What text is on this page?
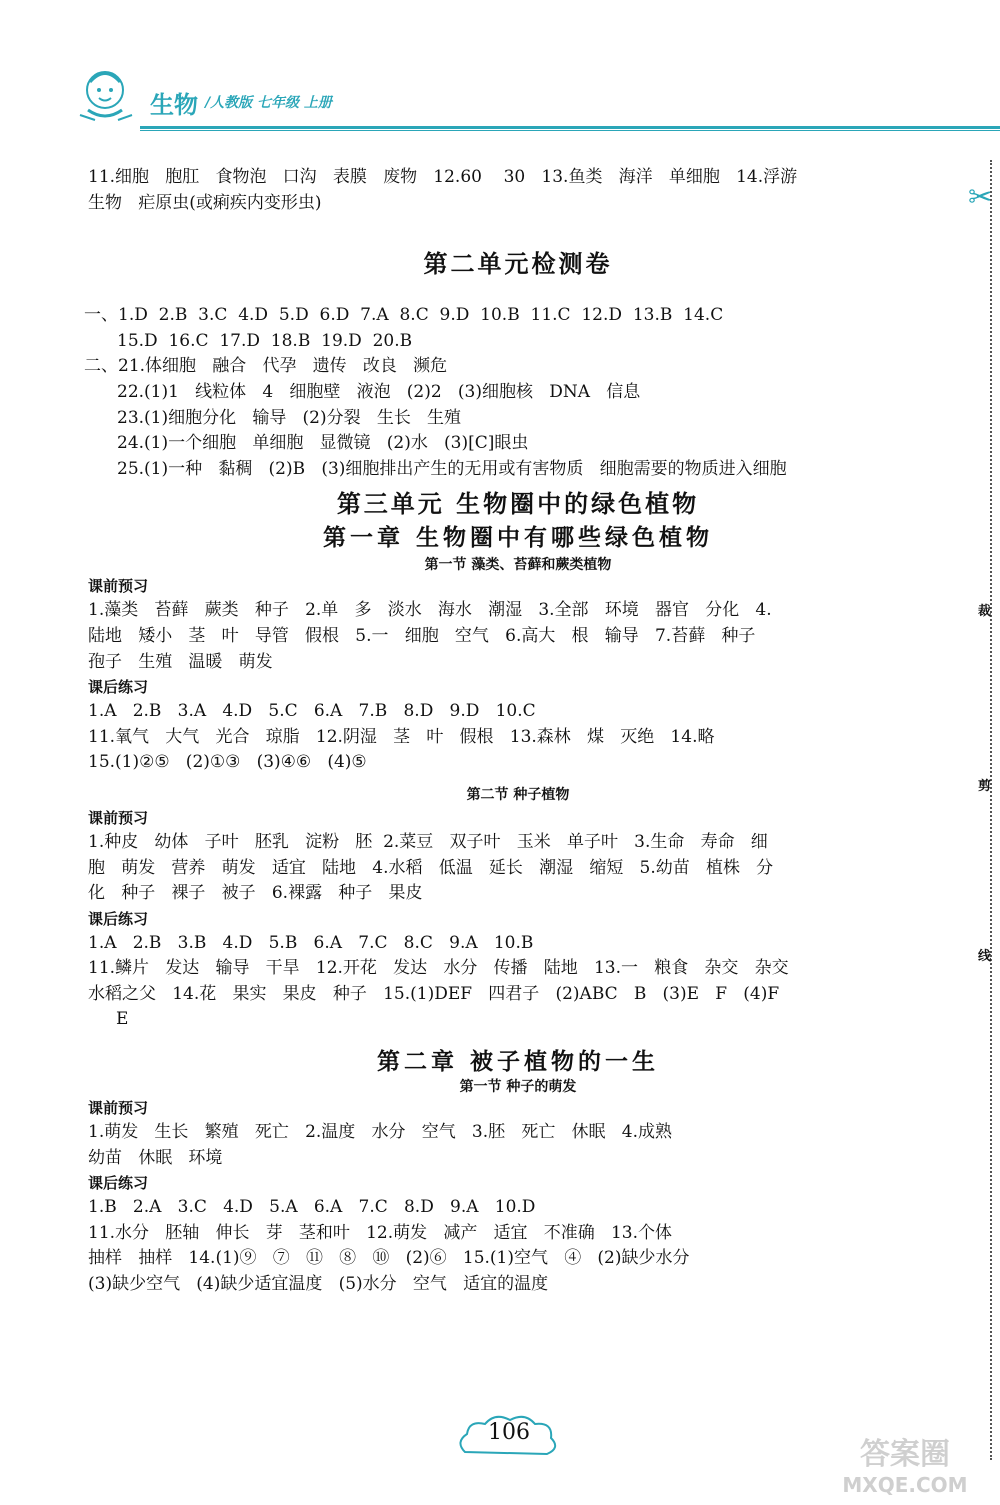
生物 /人教版 七年级 上册
11.细胞   胞肛   食物泡   口沟   表膜   废物   12.60    30   13.鱼类   海洋   单细胞   14.浮游
生物   疟原虫(或痢疾内变形虫)
第二单元检测卷
一、1.D  2.B  3.C  4.D  5.D  6.D  7.A  8.C  9.D  10.B  11.C  12.D  13.B  14.C
15.D  16.C  17.D  18.B  19.D  20.B
二、21.体细胞   融合   代孕   遗传   改良   濒危
22.(1)1   线粒体   4   细胞壁   液泡   (2)2   (3)细胞核   DNA   信息
23.(1)细胞分化   输导   (2)分裂   生长   生殖
24.(1)一个细胞   单细胞   显微镜   (2)水   (3)[C]眼虫
25.(1)一种   黏稠   (2)B   (3)细胞排出产生的无用或有害物质   细胞需要的物质进入细胞
第三单元 生物圈中的绿色植物
第一章 生物圈中有哪些绿色植物
第一节 藻类、苔藓和蕨类植物
课前预习
1.藻类   苔藓   蕨类   种子   2.单   多   淡水   海水   潮湿   3.全部   环境   器官   分化   4.
陆地   矮小   茎   叶   导管   假根   5.一   细胞   空气   6.高大   根   输导   7.苔藓   种子
孢子   生殖   温暖   萌发
课后练习
1.A   2.B   3.A   4.D   5.C   6.A   7.B   8.D   9.D   10.C
11.氧气   大气   光合   琼脂   12.阴湿   茎   叶   假根   13.森林   煤   灭绝   14.略
15.(1)②⑤   (2)①③   (3)④⑥   (4)⑤
第二节 种子植物
课前预习
1.种皮   幼体   子叶   胚乳   淀粉   胚  2.菜豆   双子叶   玉米   单子叶   3.生命   寿命   细
胞   萌发   营养   萌发   适宜   陆地   4.水稻   低温   延长   潮湿   缩短   5.幼苗   植株   分
化   种子   裸子   被子   6.裸露   种子   果皮
课后练习
1.A   2.B   3.B   4.D   5.B   6.A   7.C   8.C   9.A   10.B
11.鳞片   发达   输导   干旱   12.开花   发达   水分   传播   陆地   13.一   粮食   杂交   杂交
水稻之父   14.花   果实   果皮   种子   15.(1)DEF   四君子   (2)ABC   B   (3)E   F   (4)F
E
第二章 被子植物的一生
第一节 种子的萌发
课前预习
1.萌发   生长   繁殖   死亡   2.温度   水分   空气   3.胚   死亡   休眠   4.成熟
幼苗   休眠   环境
课后练习
1.B   2.A   3.C   4.D   5.A   6.A   7.C   8.D   9.A   10.D
11.水分   胚轴   伸长   芽   茎和叶   12.萌发   减产   适宜   不准确   13.个体
抽样   抽样   14.(1)⑨   ⑦   ⑪   ⑧   ⑩   (2)⑥   15.(1)空气   ④   (2)缺少水分
(3)缺少空气   (4)缺少适宜温度   (5)水分   空气   适宜的温度
✂
裁
剪
线
106
答案圈
MXQE.COM
